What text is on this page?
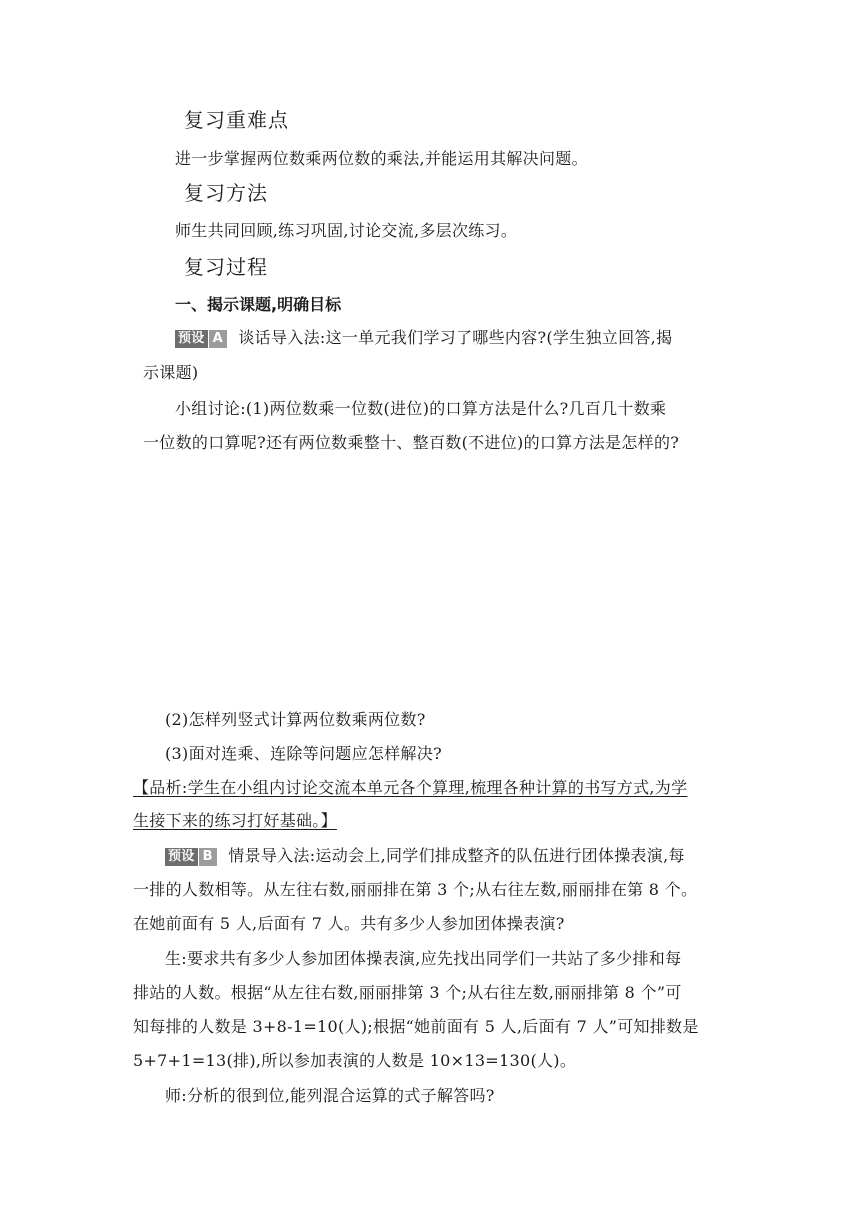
复习重难点
进一步掌握两位数乘两位数的乘法,并能运用其解决问题。
复习方法
师生共同回顾,练习巩固,讨论交流,多层次练习。
复习过程
一、揭示课题,明确目标
预设 A 谈话导入法:这一单元我们学习了哪些内容?(学生独立回答,揭
示课题)
小组讨论:(1)两位数乘一位数(进位)的口算方法是什么?几百几十数乘
一位数的口算呢?还有两位数乘整十、整百数(不进位)的口算方法是怎样的?
(2)怎样列竖式计算两位数乘两位数?
(3)面对连乘、连除等问题应怎样解决?
【品析:学生在小组内讨论交流本单元各个算理,梳理各种计算的书写方式,为学
生接下来的练习打好基础。】
预设 B 情景导入法:运动会上,同学们排成整齐的队伍进行团体操表演,每
一排的人数相等。从左往右数,丽丽排在第 3 个;从右往左数,丽丽排在第 8 个。
在她前面有 5 人,后面有 7 人。共有多少人参加团体操表演?
生:要求共有多少人参加团体操表演,应先找出同学们一共站了多少排和每
排站的人数。根据“从左往右数,丽丽排第 3 个;从右往左数,丽丽排第 8 个”可
知每排的人数是 3+8-1=10(人);根据“她前面有 5 人,后面有 7 人”可知排数是
5+7+1=13(排),所以参加表演的人数是 10×13=130(人)。
师:分析的很到位,能列混合运算的式子解答吗?
